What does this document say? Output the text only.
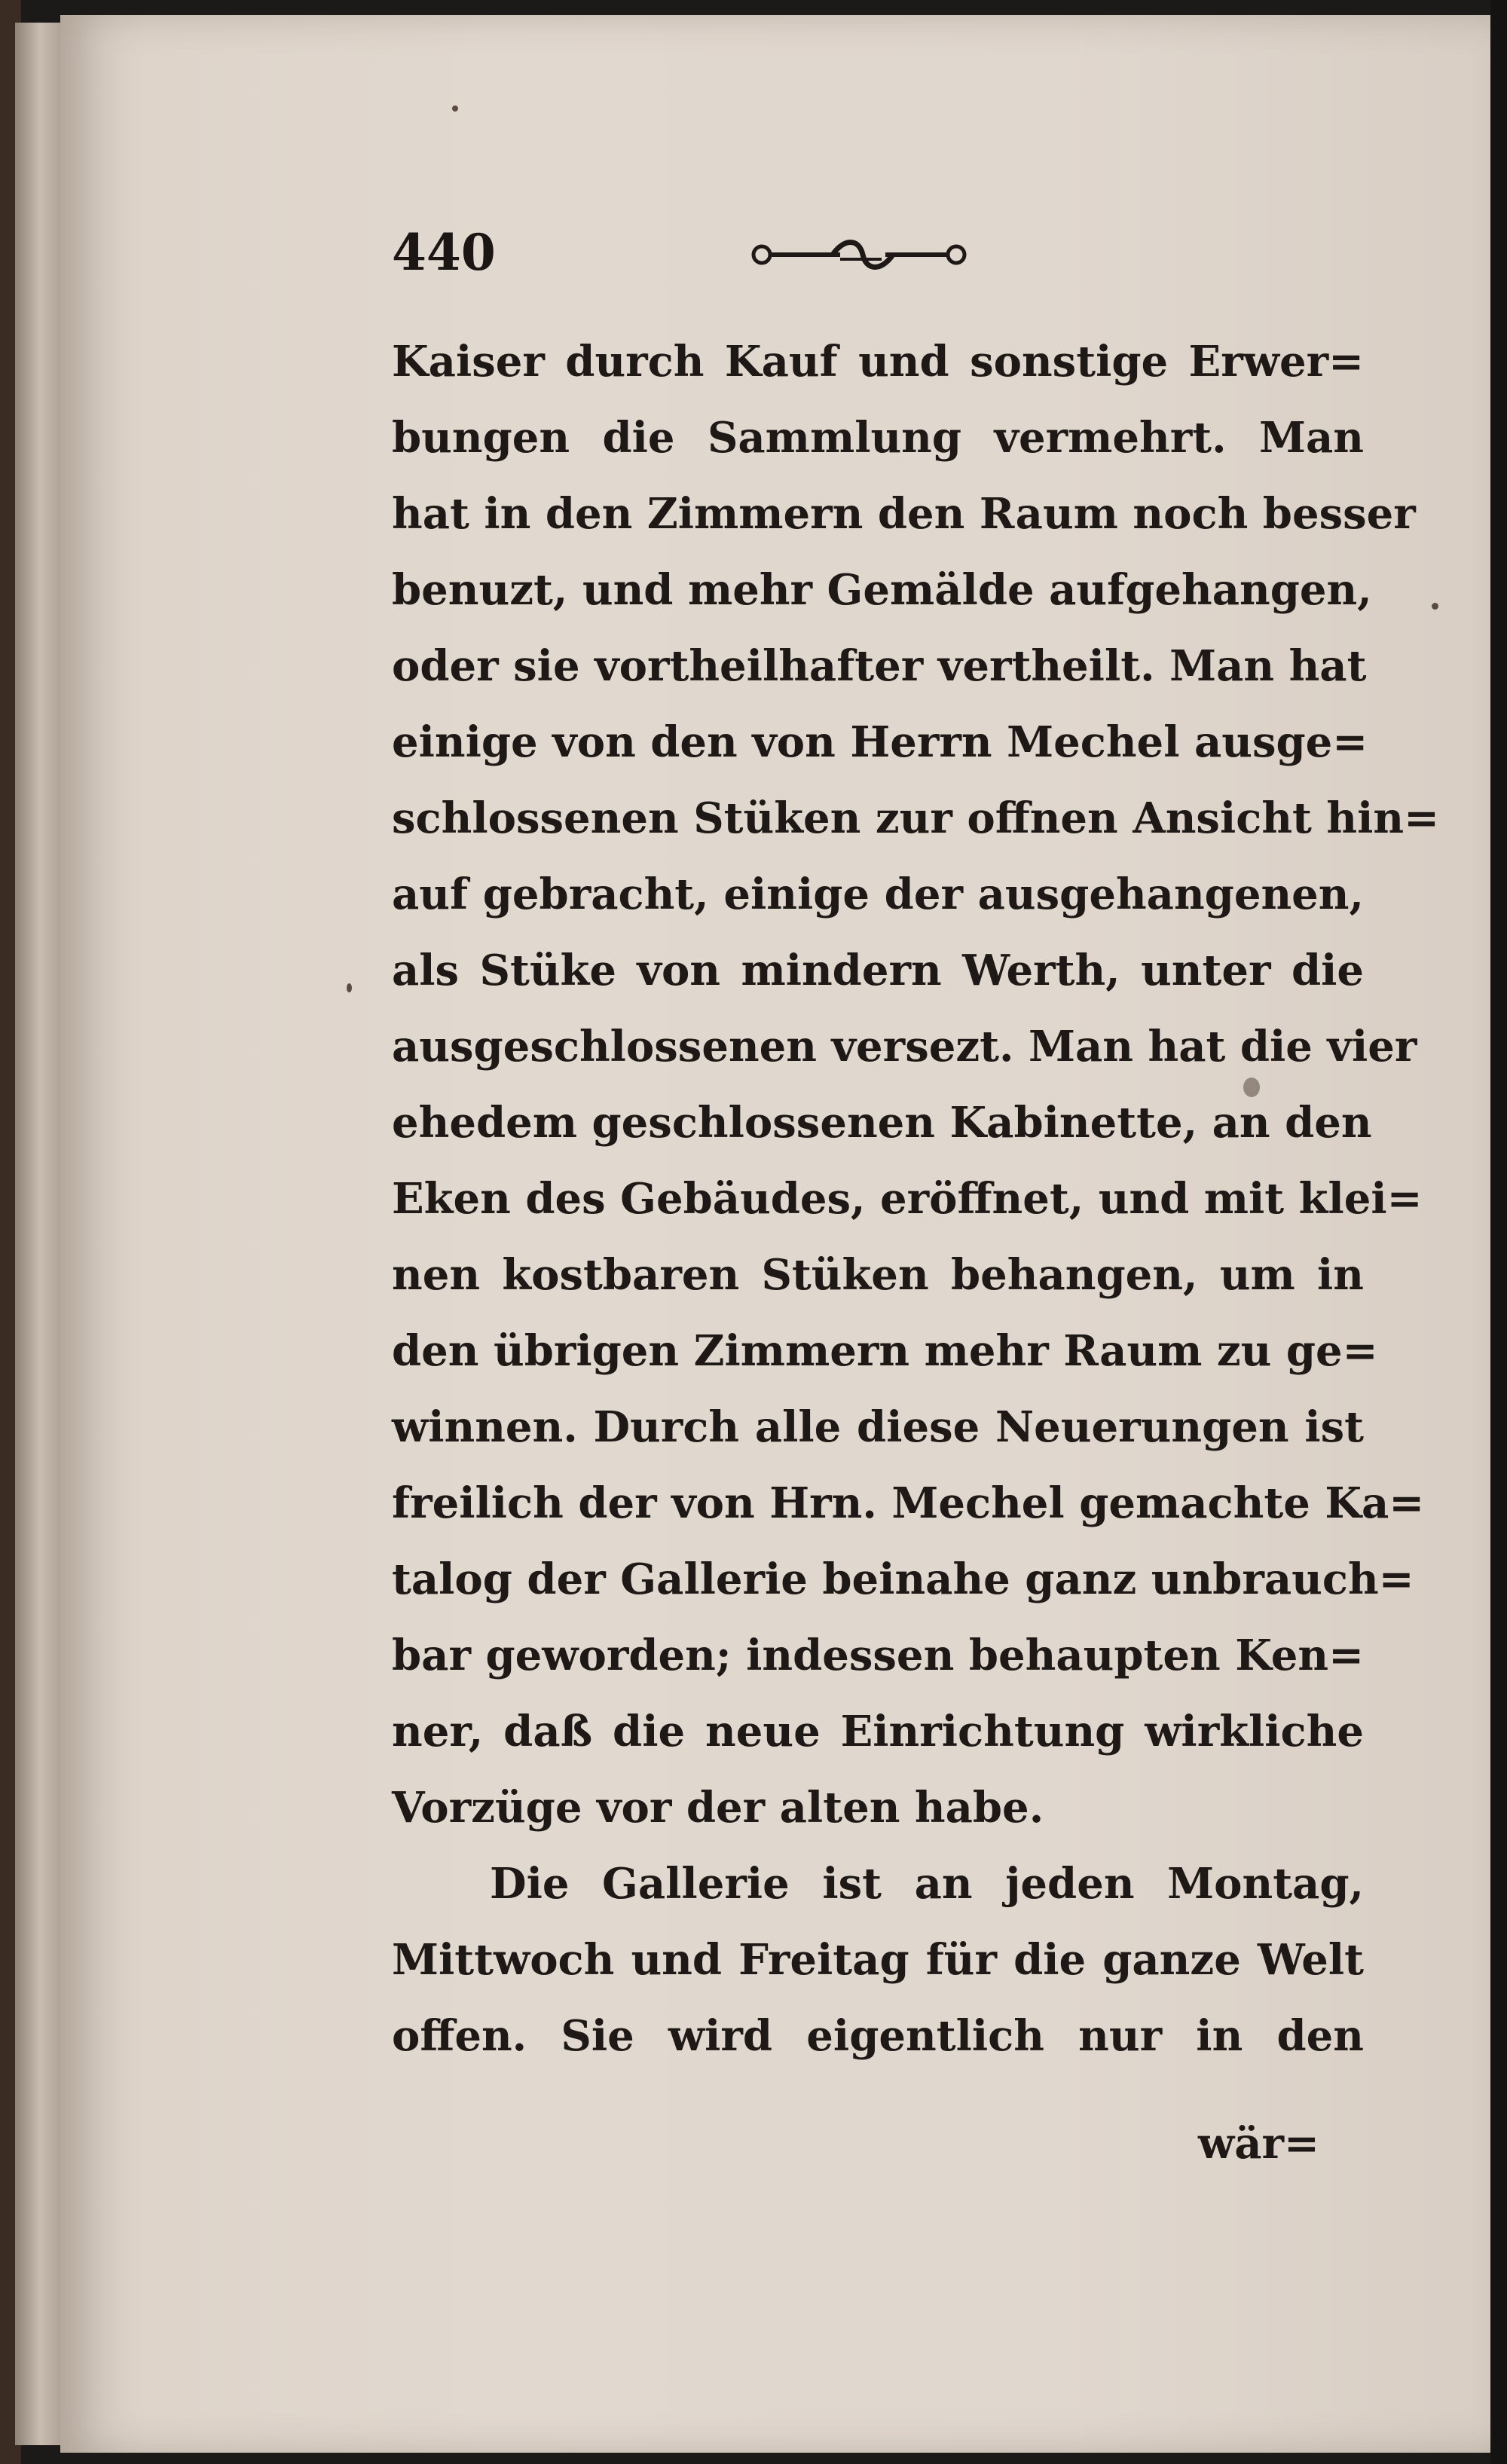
440
Kaiser durch Kauf und sonstige Erwer=
bungen die Sammlung vermehrt. Man
hat in den Zimmern den Raum noch besser
benuzt, und mehr Gemälde aufgehangen,
oder sie vortheilhafter vertheilt. Man hat
einige von den von Herrn Mechel ausge=
schlossenen Stüken zur offnen Ansicht hin=
auf gebracht, einige der ausgehangenen,
als Stüke von mindern Werth, unter die
ausgeschlossenen versezt. Man hat die vier
ehedem geschlossenen Kabinette, an den
Eken des Gebäudes, eröffnet, und mit klei=
nen kostbaren Stüken behangen, um in
den übrigen Zimmern mehr Raum zu ge=
winnen. Durch alle diese Neuerungen ist
freilich der von Hrn. Mechel gemachte Ka=
talog der Gallerie beinahe ganz unbrauch=
bar geworden; indessen behaupten Ken=
ner, daß die neue Einrichtung wirkliche
Vorzüge vor der alten habe.
Die Gallerie ist an jeden Montag,
Mittwoch und Freitag für die ganze Welt
offen. Sie wird eigentlich nur in den
wär=
